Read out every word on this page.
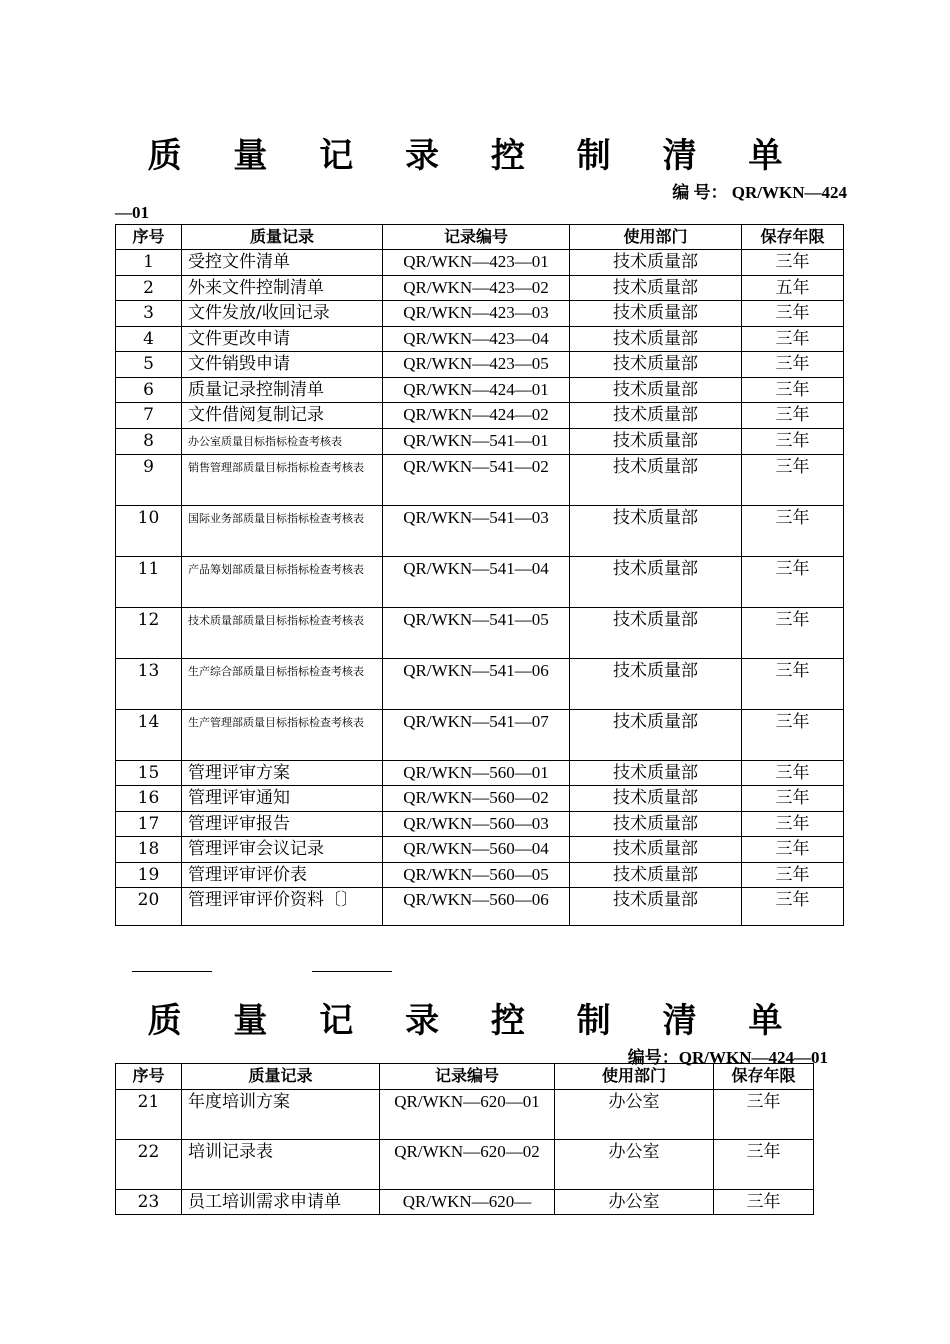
质 量 记 录 控 制 清 单
编 号： QR/WKN—424
—01
序号	质量记录	记录编号	使用部门	保存年限
1	受控文件清单	QR/WKN—423—01	技术质量部	三年
2	外来文件控制清单	QR/WKN—423—02	技术质量部	五年
3	文件发放/收回记录	QR/WKN—423—03	技术质量部	三年
4	文件更改申请	QR/WKN—423—04	技术质量部	三年
5	文件销毁申请	QR/WKN—423—05	技术质量部	三年
6	质量记录控制清单	QR/WKN—424—01	技术质量部	三年
7	文件借阅复制记录	QR/WKN—424—02	技术质量部	三年
8	办公室质量目标指标检查考核表	QR/WKN—541—01	技术质量部	三年
9	销售管理部质量目标指标检查考核表	QR/WKN—541—02	技术质量部	三年
10	国际业务部质量目标指标检查考核表	QR/WKN—541—03	技术质量部	三年
11	产品筹划部质量目标指标检查考核表	QR/WKN—541—04	技术质量部	三年
12	技术质量部质量目标指标检查考核表	QR/WKN—541—05	技术质量部	三年
13	生产综合部质量目标指标检查考核表	QR/WKN—541—06	技术质量部	三年
14	生产管理部质量目标指标检查考核表	QR/WKN—541—07	技术质量部	三年
15	管理评审方案	QR/WKN—560—01	技术质量部	三年
16	管理评审通知	QR/WKN—560—02	技术质量部	三年
17	管理评审报告	QR/WKN—560—03	技术质量部	三年
18	管理评审会议记录	QR/WKN—560—04	技术质量部	三年
19	管理评审评价表	QR/WKN—560—05	技术质量部	三年
20	管理评审评价资料〔〕	QR/WKN—560—06	技术质量部	三年
质 量 记 录 控 制 清 单
编号：QR/WKN—424—01
序号	质量记录	记录编号	使用部门	保存年限
21	年度培训方案	QR/WKN—620—01	办公室	三年
22	培训记录表	QR/WKN—620—02	办公室	三年
23	员工培训需求申请单	QR/WKN—620—	办公室	三年
